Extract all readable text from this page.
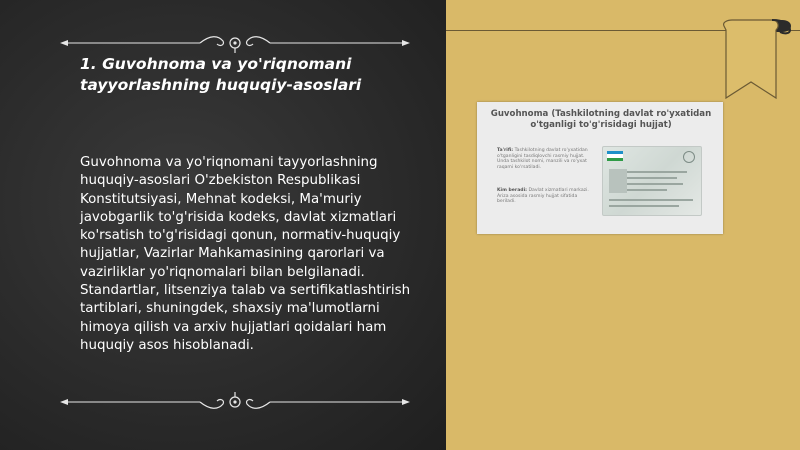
1. Guvohnoma va yo'riqnomani
tayyorlashning huquqiy-asoslari

Guvohnoma va yo'riqnomani tayyorlashning huquqiy-asoslari O'zbekiston Respublikasi Konstitutsiyasi, Mehnat kodeksi, Ma'muriy javobgarlik to'g'risida kodeks, davlat xizmatlari ko'rsatish to'g'risidagi qonun, normativ-huquqiy hujjatlar, Vazirlar Mahkamasining qarorlari va vazirliklar yo'riqnomalari bilan belgilanadi. Standartlar, litsenziya talab va sertifikatlashtirish tartiblari, shuningdek, shaxsiy ma'lumotlarni himoya qilish va arxiv hujjatlari qoidalari ham huquqiy asos hisoblanadi.

Guvohnoma (Tashkilotning davlat ro'yxatidan o'tganligi to'g'risidagi hujjat)

Ta'rifi: Tashkilotning davlat ro'yxatidan o'tganligini tasdiqlovchi rasmiy hujjat. Unda tashkilot nomi, manzili va ro'yxat raqami ko'rsatiladi.

Kim beradi: Davlat xizmatlari markazi. Ariza asosida rasmiy hujjat sifatida beriladi.
